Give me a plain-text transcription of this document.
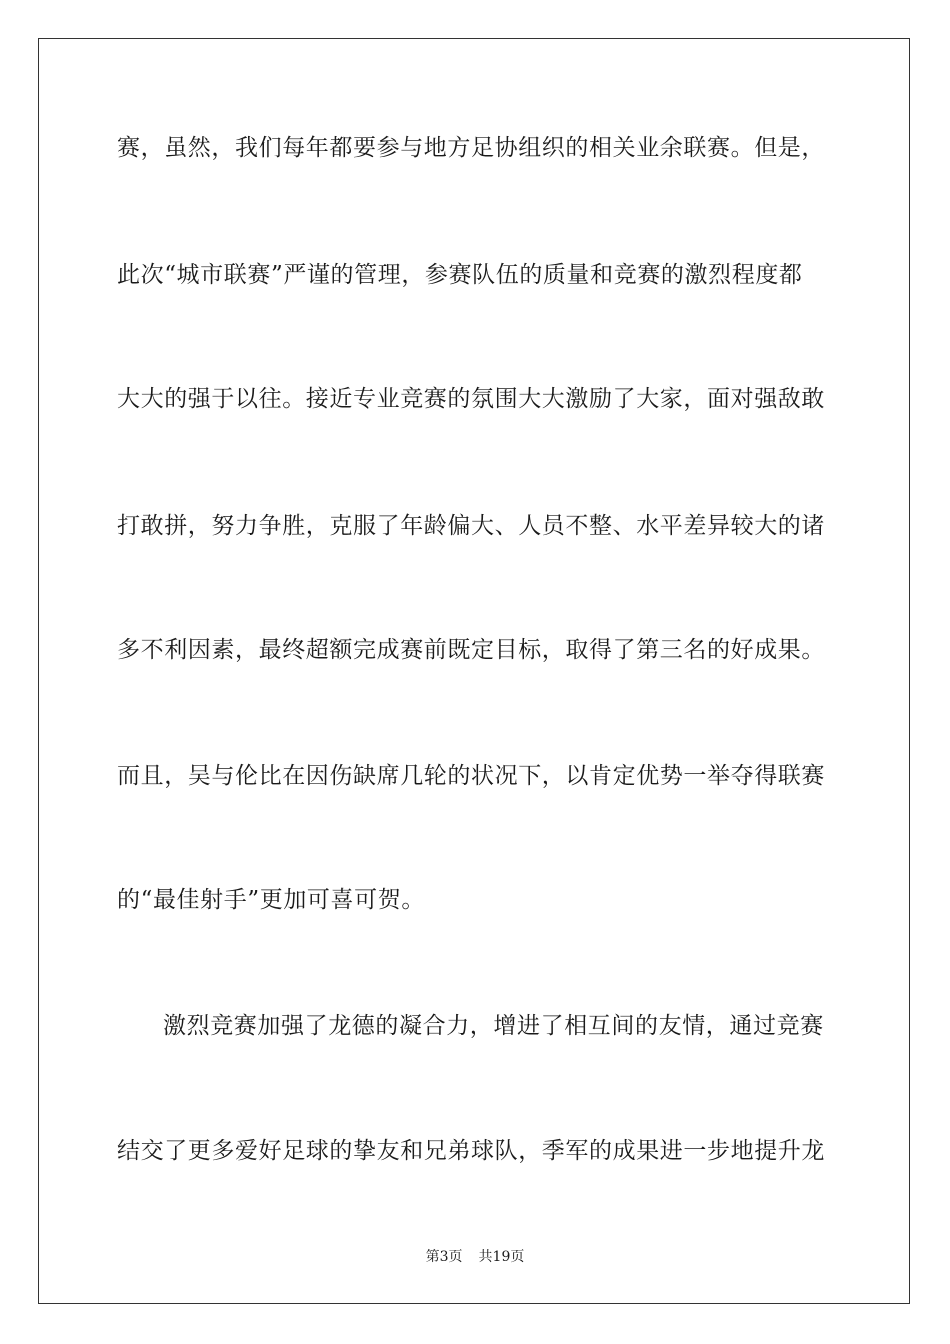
赛，虽然，我们每年都要参与地方足协组织的相关业余联赛。但是，
此次“城市联赛”严谨的管理，参赛队伍的质量和竞赛的激烈程度都
大大的强于以往。接近专业竞赛的氛围大大激励了大家，面对强敌敢
打敢拼，努力争胜，克服了年龄偏大、人员不整、水平差异较大的诸
多不利因素，最终超额完成赛前既定目标，取得了第三名的好成果。
而且，吴与伦比在因伤缺席几轮的状况下，以肯定优势一举夺得联赛
的“最佳射手”更加可喜可贺。
激烈竞赛加强了龙德的凝合力，增进了相互间的友情，通过竞赛
结交了更多爱好足球的挚友和兄弟球队，季军的成果进一步地提升龙
第3页 共19页
